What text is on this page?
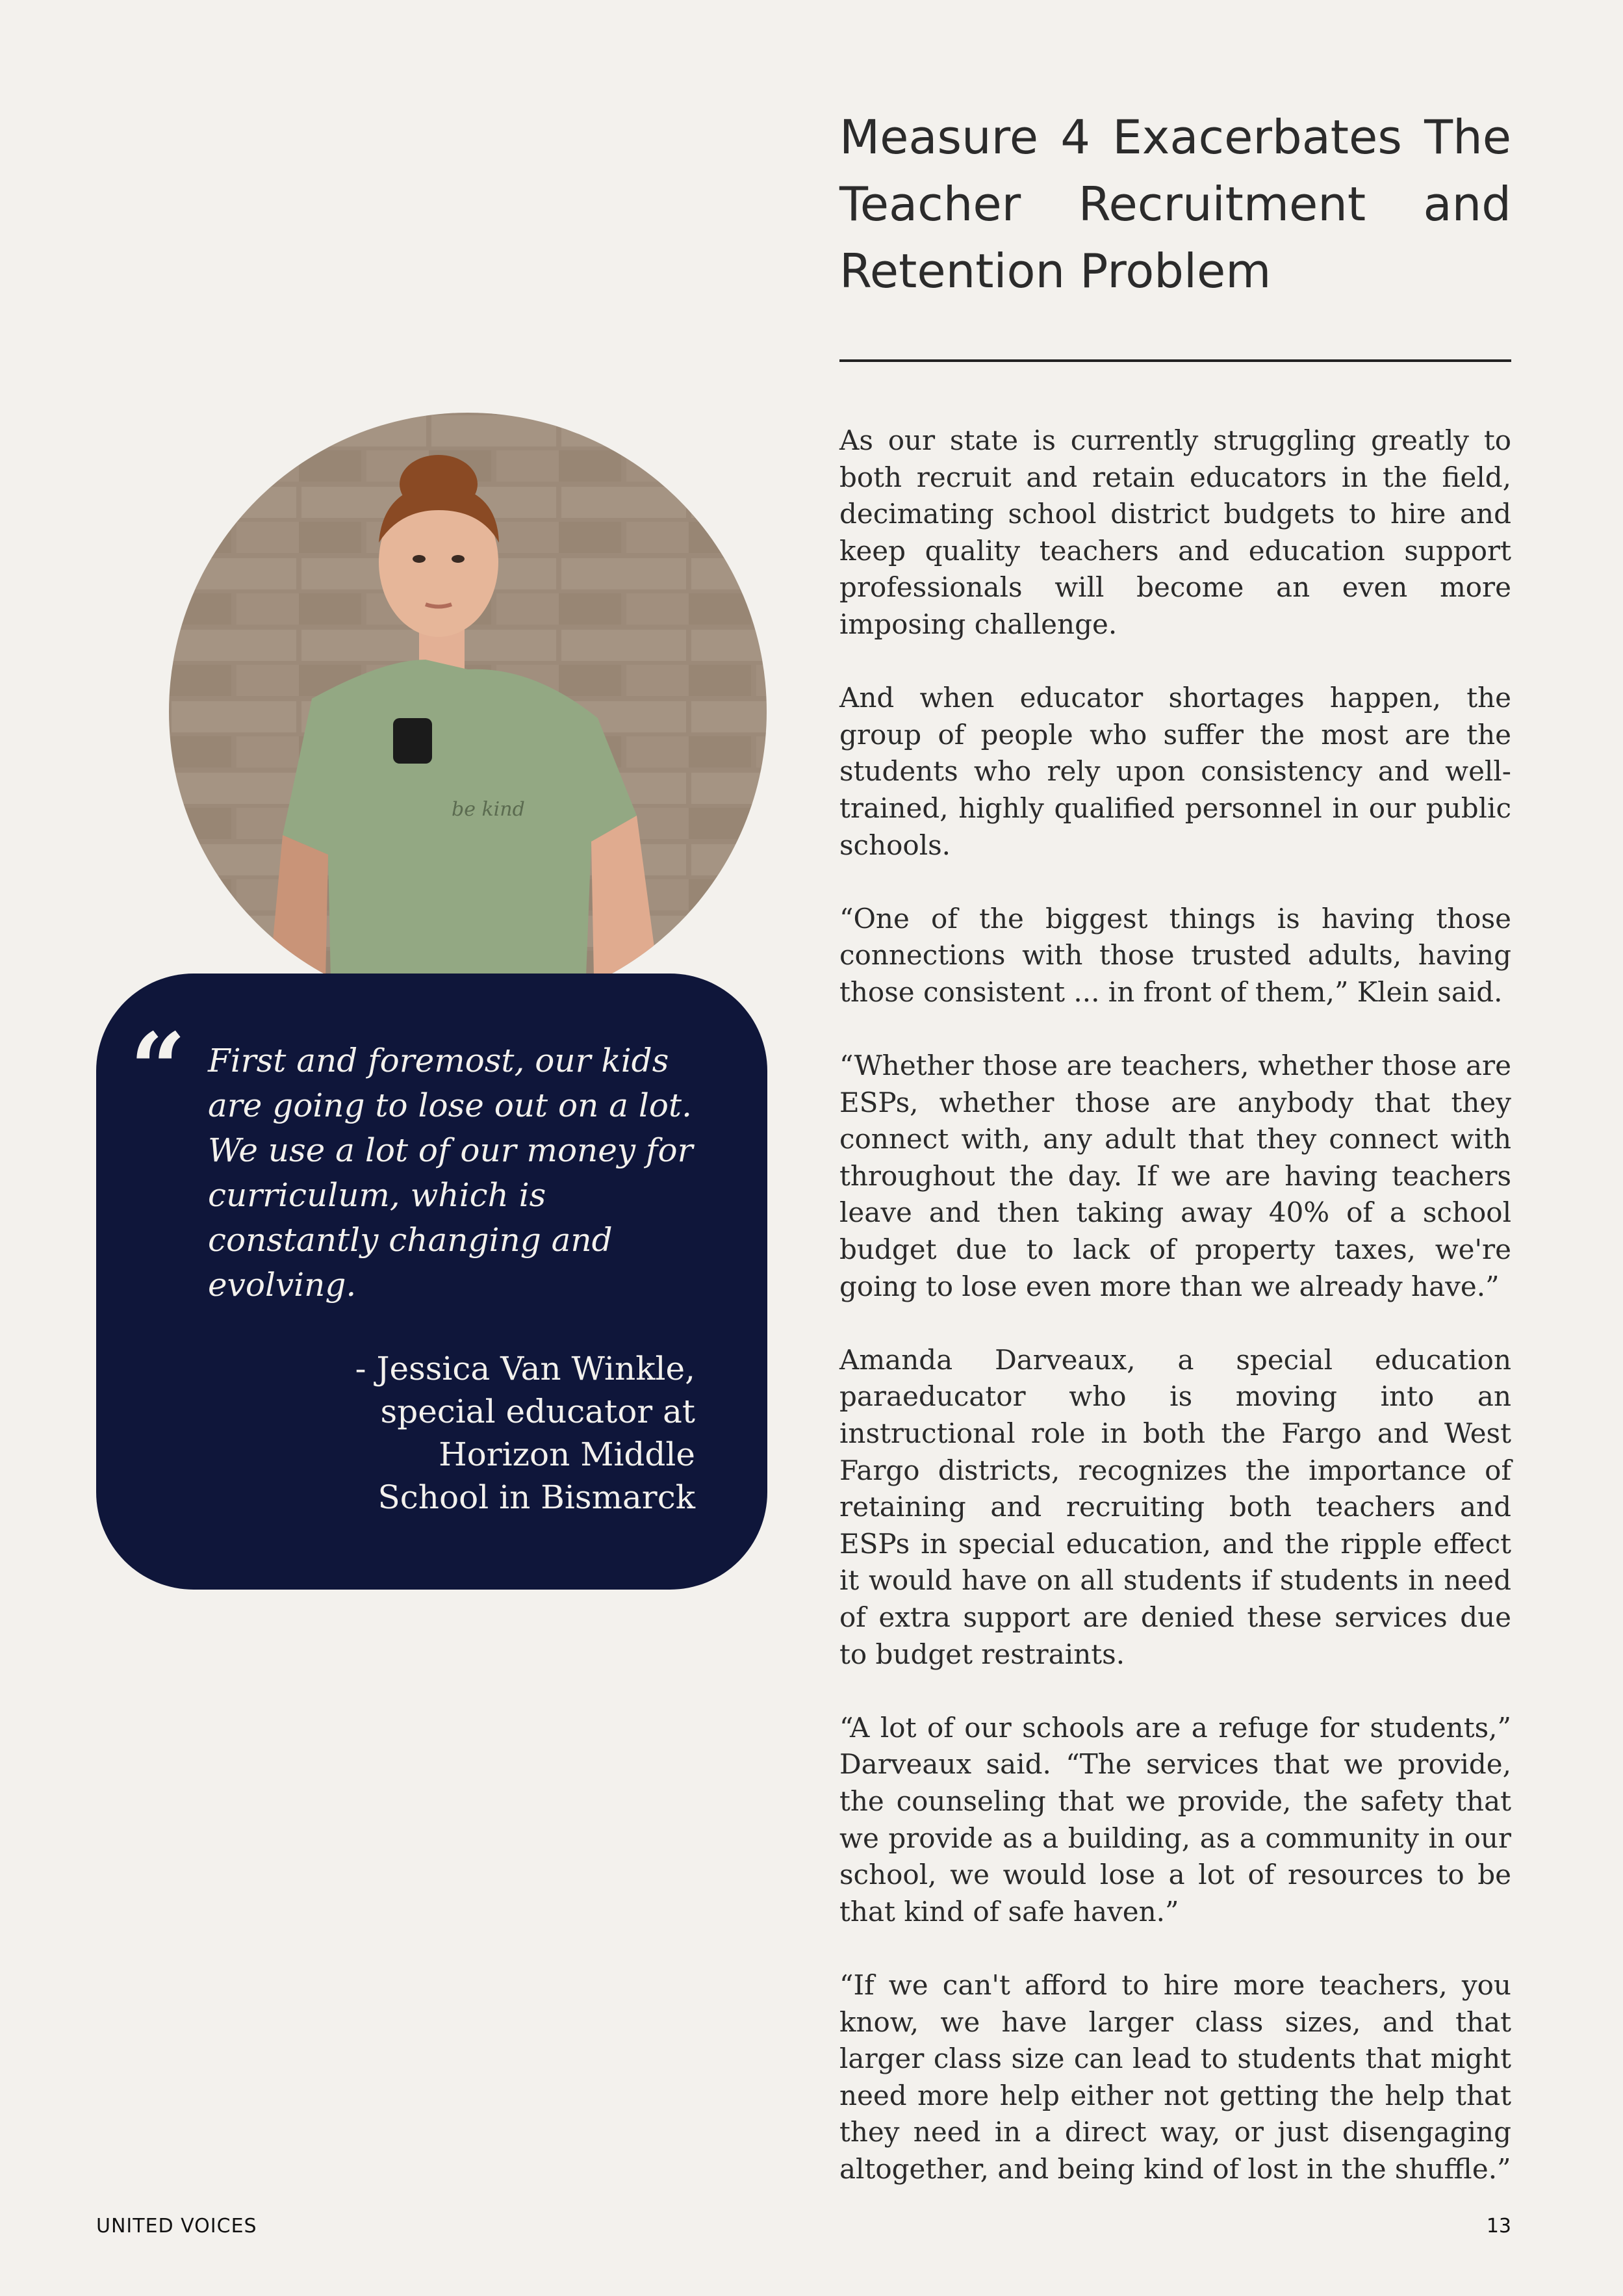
Measure 4 Exacerbates The Teacher Recruitment and Retention Problem

As our state is currently struggling greatly to both recruit and retain educators in the field, decimating school district budgets to hire and keep quality teachers and education support professionals will become an even more imposing challenge.

And when educator shortages happen, the group of people who suffer the most are the students who rely upon consistency and well-trained, highly qualified personnel in our public schools.

“One of the biggest things is having those connections with those trusted adults, having those consistent ... in front of them,” Klein said.

“Whether those are teachers, whether those are ESPs, whether those are anybody that they connect with, any adult that they connect with throughout the day. If we are having teachers leave and then taking away 40% of a school budget due to lack of property taxes, we're going to lose even more than we already have.”

Amanda Darveaux, a special education paraeducator who is moving into an instructional role in both the Fargo and West Fargo districts, recognizes the importance of retaining and recruiting both teachers and ESPs in special education, and the ripple effect it would have on all students if students in need of extra support are denied these services due to budget restraints.

“A lot of our schools are a refuge for students,” Darveaux said. “The services that we provide, the counseling that we provide, the safety that we provide as a building, as a community in our school, we would lose a lot of resources to be that kind of safe haven.”

“If we can't afford to hire more teachers, you know, we have larger class sizes, and that larger class size can lead to students that might need more help either not getting the help that they need in a direct way, or just disengaging altogether, and being kind of lost in the shuffle.”

be kind
“ First and foremost, our kids are going to lose out on a lot. We use a lot of our money for curriculum, which is constantly changing and evolving.
- Jessica Van Winkle,
special educator at
Horizon Middle
School in Bismarck
UNITED VOICES	13
